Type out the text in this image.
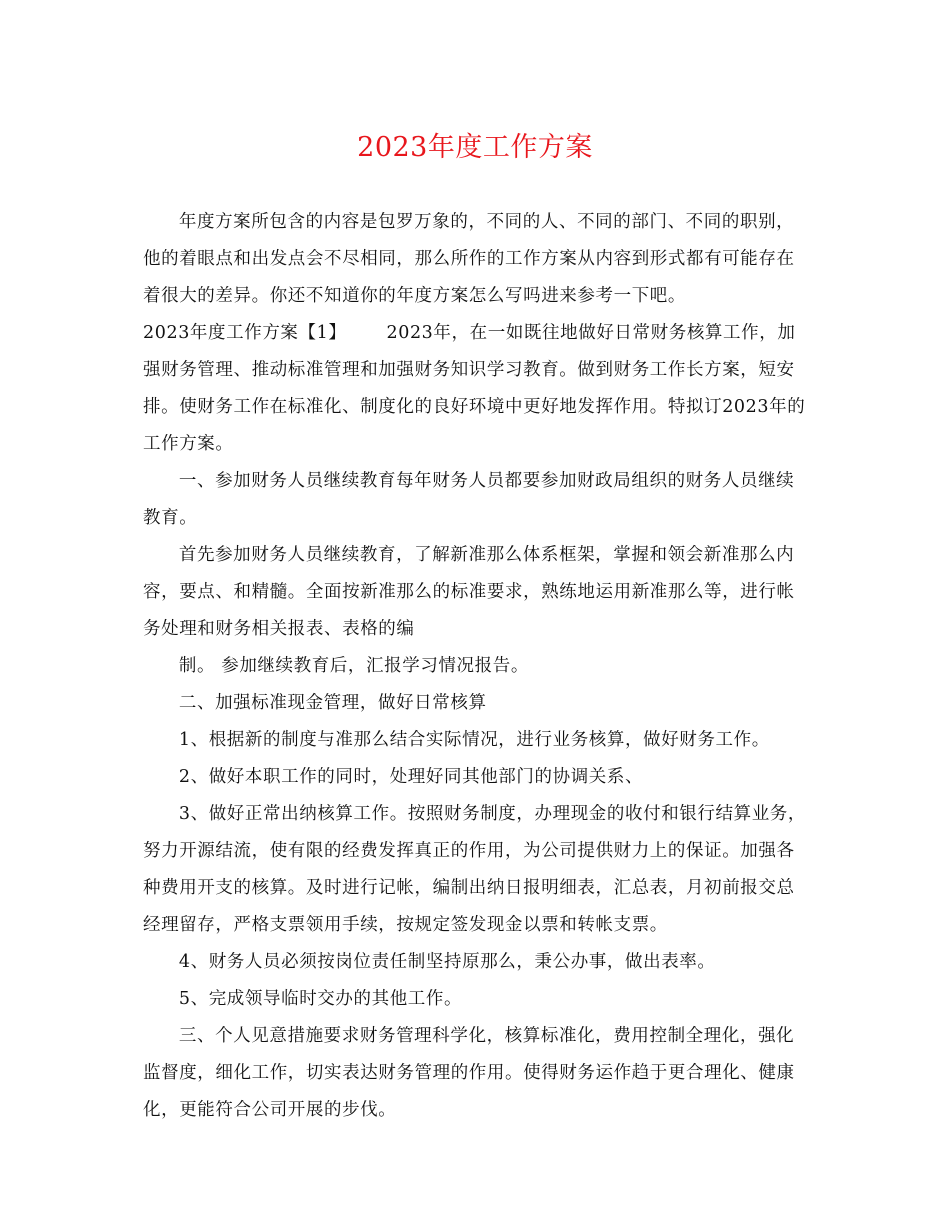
2023年度工作方案

年度方案所包含的内容是包罗万象的，不同的人、不同的部门、不同的职别，他的着眼点和出发点会不尽相同，那么所作的工作方案从内容到形式都有可能存在着很大的差异。你还不知道你的年度方案怎么写吗进来参考一下吧。

2023年度工作方案【1】 2023年，在一如既往地做好日常财务核算工作，加强财务管理、推动标准管理和加强财务知识学习教育。做到财务工作长方案，短安排。使财务工作在标准化、制度化的良好环境中更好地发挥作用。特拟订2023年的工作方案。

一、参加财务人员继续教育每年财务人员都要参加财政局组织的财务人员继续教育。

首先参加财务人员继续教育，了解新准那么体系框架，掌握和领会新准那么内容，要点、和精髓。全面按新准那么的标准要求，熟练地运用新准那么等，进行帐务处理和财务相关报表、表格的编

制。 参加继续教育后，汇报学习情况报告。

二、加强标准现金管理，做好日常核算

1、根据新的制度与准那么结合实际情况，进行业务核算，做好财务工作。

2、做好本职工作的同时，处理好同其他部门的协调关系、

3、做好正常出纳核算工作。按照财务制度，办理现金的收付和银行结算业务，努力开源结流，使有限的经费发挥真正的作用，为公司提供财力上的保证。加强各种费用开支的核算。及时进行记帐，编制出纳日报明细表，汇总表，月初前报交总经理留存，严格支票领用手续，按规定签发现金以票和转帐支票。

4、财务人员必须按岗位责任制坚持原那么，秉公办事，做出表率。

5、完成领导临时交办的其他工作。

三、个人见意措施要求财务管理科学化，核算标准化，费用控制全理化，强化监督度，细化工作，切实表达财务管理的作用。使得财务运作趋于更合理化、健康化，更能符合公司开展的步伐。
